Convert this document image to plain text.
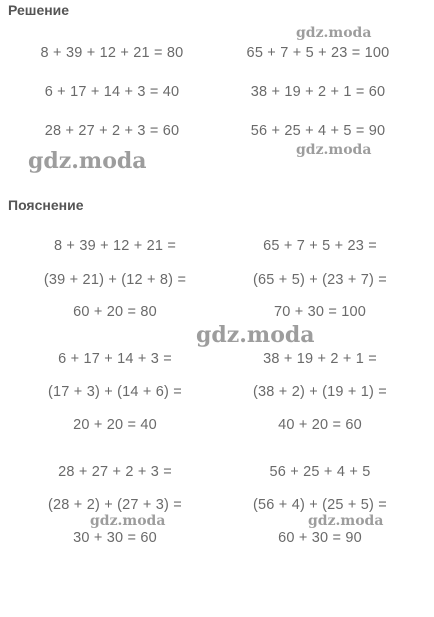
Решение
8 + 39 + 12 + 21 = 80
6 + 17 + 14 + 3 = 40
28 + 27 + 2 + 3 = 60
65 + 7 + 5 + 23 = 100
38 + 19 + 2 + 1 = 60
56 + 25 + 4 + 5 = 90
Пояснение
8 + 39 + 12 + 21 =
(39 + 21) + (12 + 8) =
60 + 20 = 80
6 + 17 + 14 + 3 =
(17 + 3) + (14 + 6) =
20 + 20 = 40
28 + 27 + 2 + 3 =
(28 + 2) + (27 + 3) =
30 + 30 = 60
65 + 7 + 5 + 23 =
(65 + 5) + (23 + 7) =
70 + 30 = 100
38 + 19 + 2 + 1 =
(38 + 2) + (19 + 1) =
40 + 20 = 60
56 + 25 + 4 + 5
(56 + 4) + (25 + 5) =
60 + 30 = 90
gdz.moda
gdz.moda	gdz.moda
gdz.moda
gdz.moda	gdz.moda
